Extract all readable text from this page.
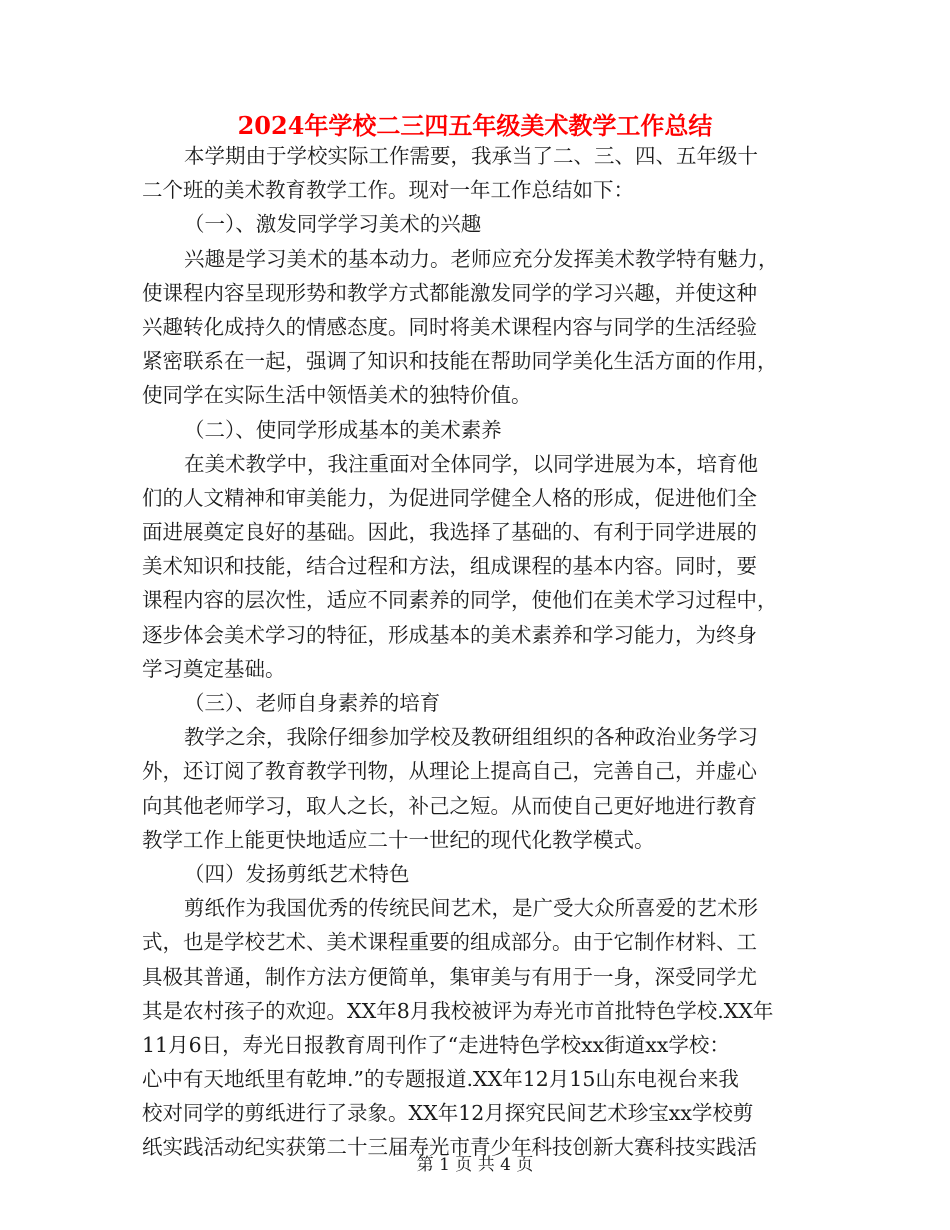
2024年学校二三四五年级美术教学工作总结

本学期由于学校实际工作需要，我承当了二、三、四、五年级十

二个班的美术教育教学工作。现对一年工作总结如下：

（一）、激发同学学习美术的兴趣

兴趣是学习美术的基本动力。老师应充分发挥美术教学特有魅力，

使课程内容呈现形势和教学方式都能激发同学的学习兴趣，并使这种

兴趣转化成持久的情感态度。同时将美术课程内容与同学的生活经验

紧密联系在一起，强调了知识和技能在帮助同学美化生活方面的作用，

使同学在实际生活中领悟美术的独特价值。

（二）、使同学形成基本的美术素养

在美术教学中，我注重面对全体同学，以同学进展为本，培育他

们的人文精神和审美能力，为促进同学健全人格的形成，促进他们全

面进展奠定良好的基础。因此，我选择了基础的、有利于同学进展的

美术知识和技能，结合过程和方法，组成课程的基本内容。同时，要

课程内容的层次性，适应不同素养的同学，使他们在美术学习过程中，

逐步体会美术学习的特征，形成基本的美术素养和学习能力，为终身

学习奠定基础。

（三）、老师自身素养的培育

教学之余，我除仔细参加学校及教研组组织的各种政治业务学习

外，还订阅了教育教学刊物，从理论上提高自己，完善自己，并虚心

向其他老师学习，取人之长，补己之短。从而使自己更好地进行教育

教学工作上能更快地适应二十一世纪的现代化教学模式。

（四）发扬剪纸艺术特色

剪纸作为我国优秀的传统民间艺术，是广受大众所喜爱的艺术形

式，也是学校艺术、美术课程重要的组成部分。由于它制作材料、工

具极其普通，制作方法方便简单，集审美与有用于一身，深受同学尤

其是农村孩子的欢迎。XX年8月我校被评为寿光市首批特色学校.XX年

11月6日，寿光日报教育周刊作了“走进特色学校xx街道xx学校：

心中有天地纸里有乾坤.”的专题报道.XX年12月15山东电视台来我

校对同学的剪纸进行了录象。XX年12月探究民间艺术珍宝xx学校剪

纸实践活动纪实获第二十三届寿光市青少年科技创新大赛科技实践活

第 1 页 共 4 页
